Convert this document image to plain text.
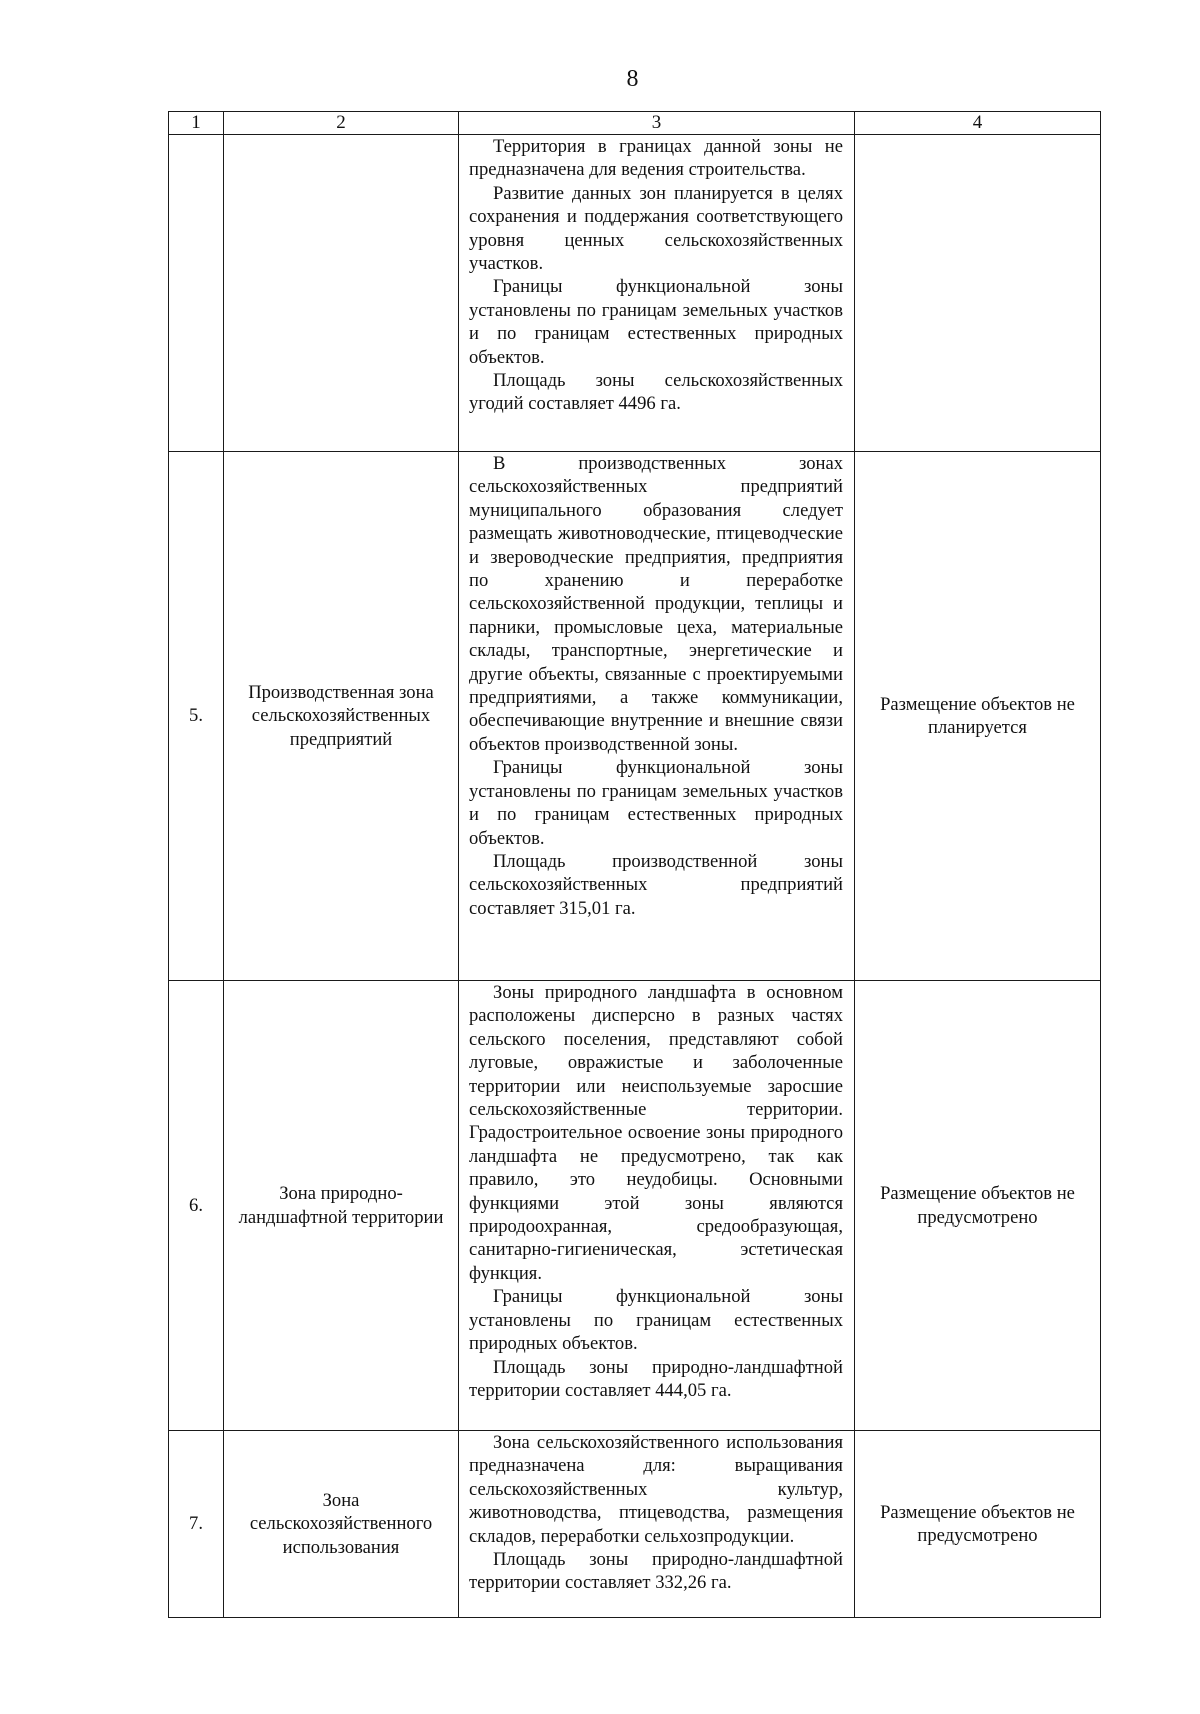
8
1	2	3	4

		Территория в границах данной зоны не предназначена для ведения строительства.

Развитие данных зон планируется в целях сохранения и поддержания соответствующего уровня ценных сельскохозяйственных участков.

Границы функциональной зоны установлены по границам земельных участков и по границам естественных природных объектов.

Площадь зоны сельскохозяйственных угодий составляет 4496 га.	

5.	Производственная зона сельскохозяйственных предприятий	В производственных зонах сельскохозяйственных предприятий муниципального образования следует размещать животноводческие, птицеводческие и звероводческие предприятия, предприятия по хранению и переработке сельскохозяйственной продукции, теплицы и парники, промысловые цеха, материальные склады, транспортные, энергетические и другие объекты, связанные с проектируемыми предприятиями, а также коммуникации, обеспечивающие внутренние и внешние связи объектов производственной зоны.

Границы функциональной зоны установлены по границам земельных участков и по границам естественных природных объектов.

Площадь производственной зоны сельскохозяйственных предприятий составляет 315,01 га.	Размещение объектов не планируется
6.	Зона природно-ландшафтной территории	Зоны природного ландшафта в основном расположены дисперсно в разных частях сельского поселения, представляют собой луговые, овражистые и заболоченные территории или неиспользуемые заросшие сельскохозяйственные территории. Градостроительное освоение зоны природного ландшафта не предусмотрено, так как правило, это неудобицы. Основными функциями этой зоны являются природоохранная, средообразующая, санитарно-гигиеническая, эстетическая функция.

Границы функциональной зоны установлены по границам естественных природных объектов.

Площадь зоны природно-ландшафтной территории составляет 444,05 га.	Размещение объектов не предусмотрено
7.	Зона сельскохозяйственного использования	Зона сельскохозяйственного использования предназначена для: выращивания сельскохозяйственных культур, животноводства, птицеводства, размещения складов, переработки сельхозпродукции.

Площадь зоны природно-ландшафтной территории составляет 332,26 га.	Размещение объектов не предусмотрено
